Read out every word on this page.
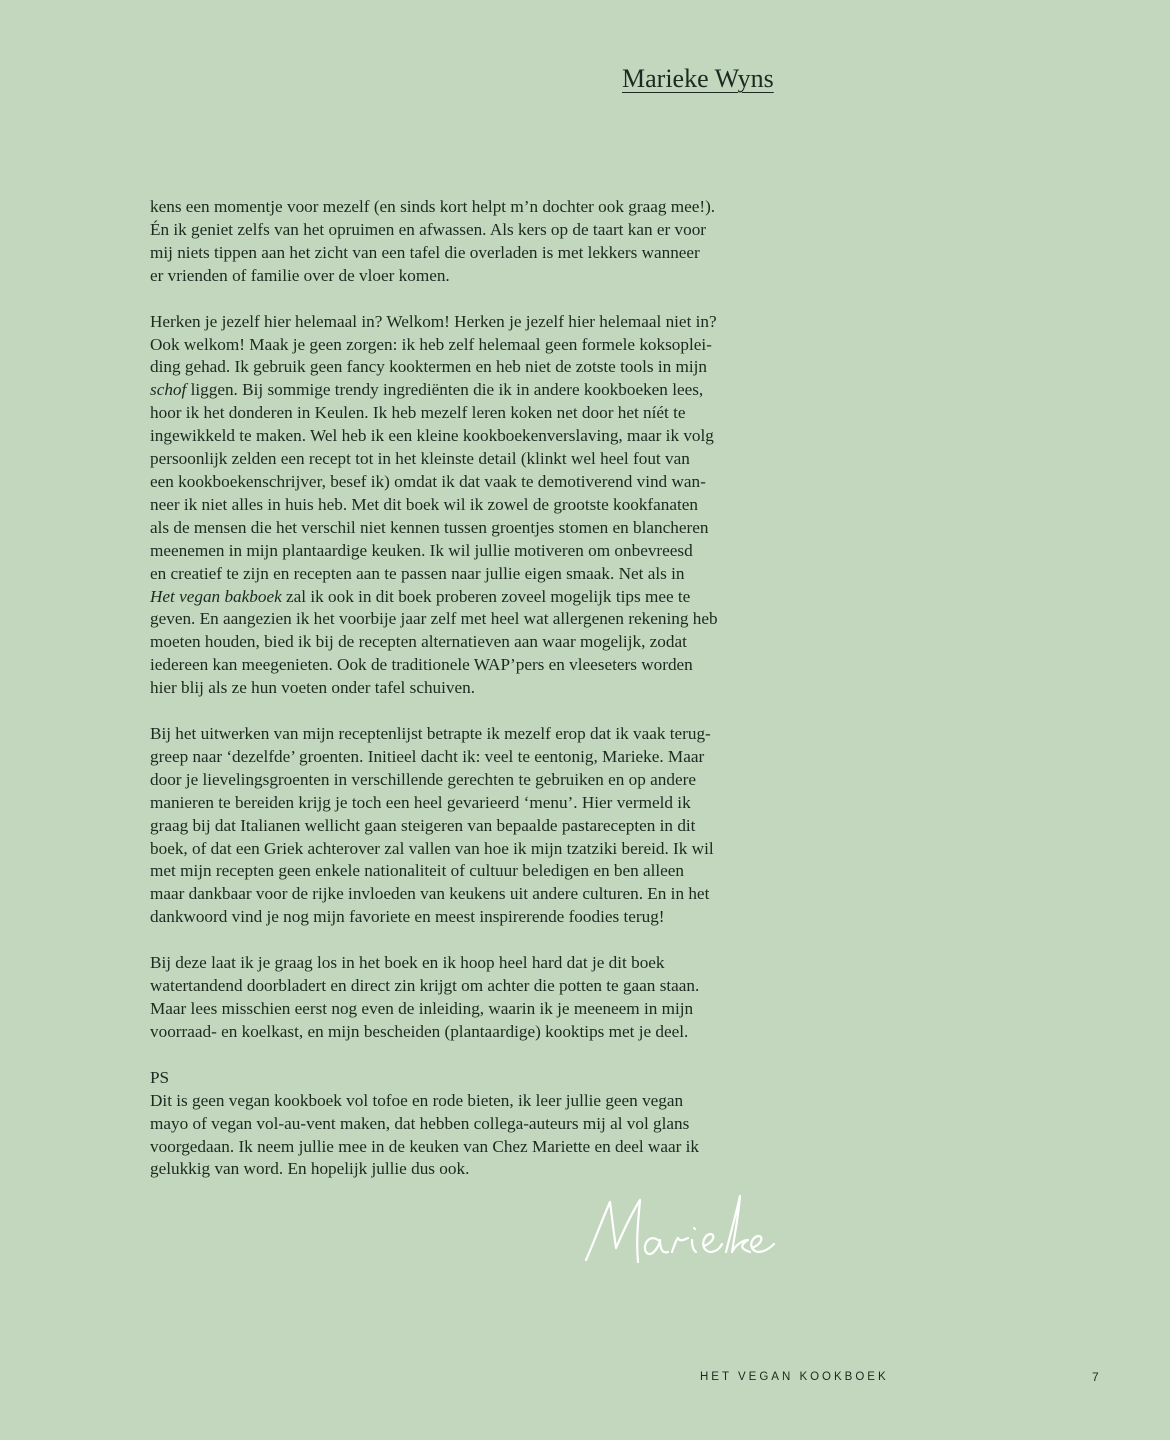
Marieke Wyns
kens een momentje voor mezelf (en sinds kort helpt m’n dochter ook graag mee!).
Én ik geniet zelfs van het opruimen en afwassen. Als kers op de taart kan er voor
mij niets tippen aan het zicht van een tafel die overladen is met lekkers wanneer
er vrienden of familie over de vloer komen.
Herken je jezelf hier helemaal in? Welkom! Herken je jezelf hier helemaal niet in?
Ook welkom! Maak je geen zorgen: ik heb zelf helemaal geen formele koksoplei-
ding gehad. Ik gebruik geen fancy kooktermen en heb niet de zotste tools in mijn
schof liggen. Bij sommige trendy ingrediënten die ik in andere kookboeken lees,
hoor ik het donderen in Keulen. Ik heb mezelf leren koken net door het níét te
ingewikkeld te maken. Wel heb ik een kleine kookboekenverslaving, maar ik volg
persoonlijk zelden een recept tot in het kleinste detail (klinkt wel heel fout van
een kookboekenschrijver, besef ik) omdat ik dat vaak te demotiverend vind wan-
neer ik niet alles in huis heb. Met dit boek wil ik zowel de grootste kookfanaten
als de mensen die het verschil niet kennen tussen groentjes stomen en blancheren
meenemen in mijn plantaardige keuken. Ik wil jullie motiveren om onbevreesd
en creatief te zijn en recepten aan te passen naar jullie eigen smaak. Net als in
Het vegan bakboek zal ik ook in dit boek proberen zoveel mogelijk tips mee te
geven. En aangezien ik het voorbije jaar zelf met heel wat allergenen rekening heb
moeten houden, bied ik bij de recepten alternatieven aan waar mogelijk, zodat
iedereen kan meegenieten. Ook de traditionele WAP’pers en vleeseters worden
hier blij als ze hun voeten onder tafel schuiven.
Bij het uitwerken van mijn receptenlijst betrapte ik mezelf erop dat ik vaak terug-
greep naar ‘dezelfde’ groenten. Initieel dacht ik: veel te eentonig, Marieke. Maar
door je lievelingsgroenten in verschillende gerechten te gebruiken en op andere
manieren te bereiden krijg je toch een heel gevarieerd ‘menu’. Hier vermeld ik
graag bij dat Italianen wellicht gaan steigeren van bepaalde pastarecepten in dit
boek, of dat een Griek achterover zal vallen van hoe ik mijn tzatziki bereid. Ik wil
met mijn recepten geen enkele nationaliteit of cultuur beledigen en ben alleen
maar dankbaar voor de rijke invloeden van keukens uit andere culturen. En in het
dankwoord vind je nog mijn favoriete en meest inspirerende foodies terug!
Bij deze laat ik je graag los in het boek en ik hoop heel hard dat je dit boek
watertandend doorbladert en direct zin krijgt om achter die potten te gaan staan.
Maar lees misschien eerst nog even de inleiding, waarin ik je meeneem in mijn
voorraad- en koelkast, en mijn bescheiden (plantaardige) kooktips met je deel.
PS
Dit is geen vegan kookboek vol tofoe en rode bieten, ik leer jullie geen vegan
mayo of vegan vol-au-vent maken, dat hebben collega-auteurs mij al vol glans
voorgedaan. Ik neem jullie mee in de keuken van Chez Mariette en deel waar ik
gelukkig van word. En hopelijk jullie dus ook.
HET VEGAN KOOKBOEK	7
